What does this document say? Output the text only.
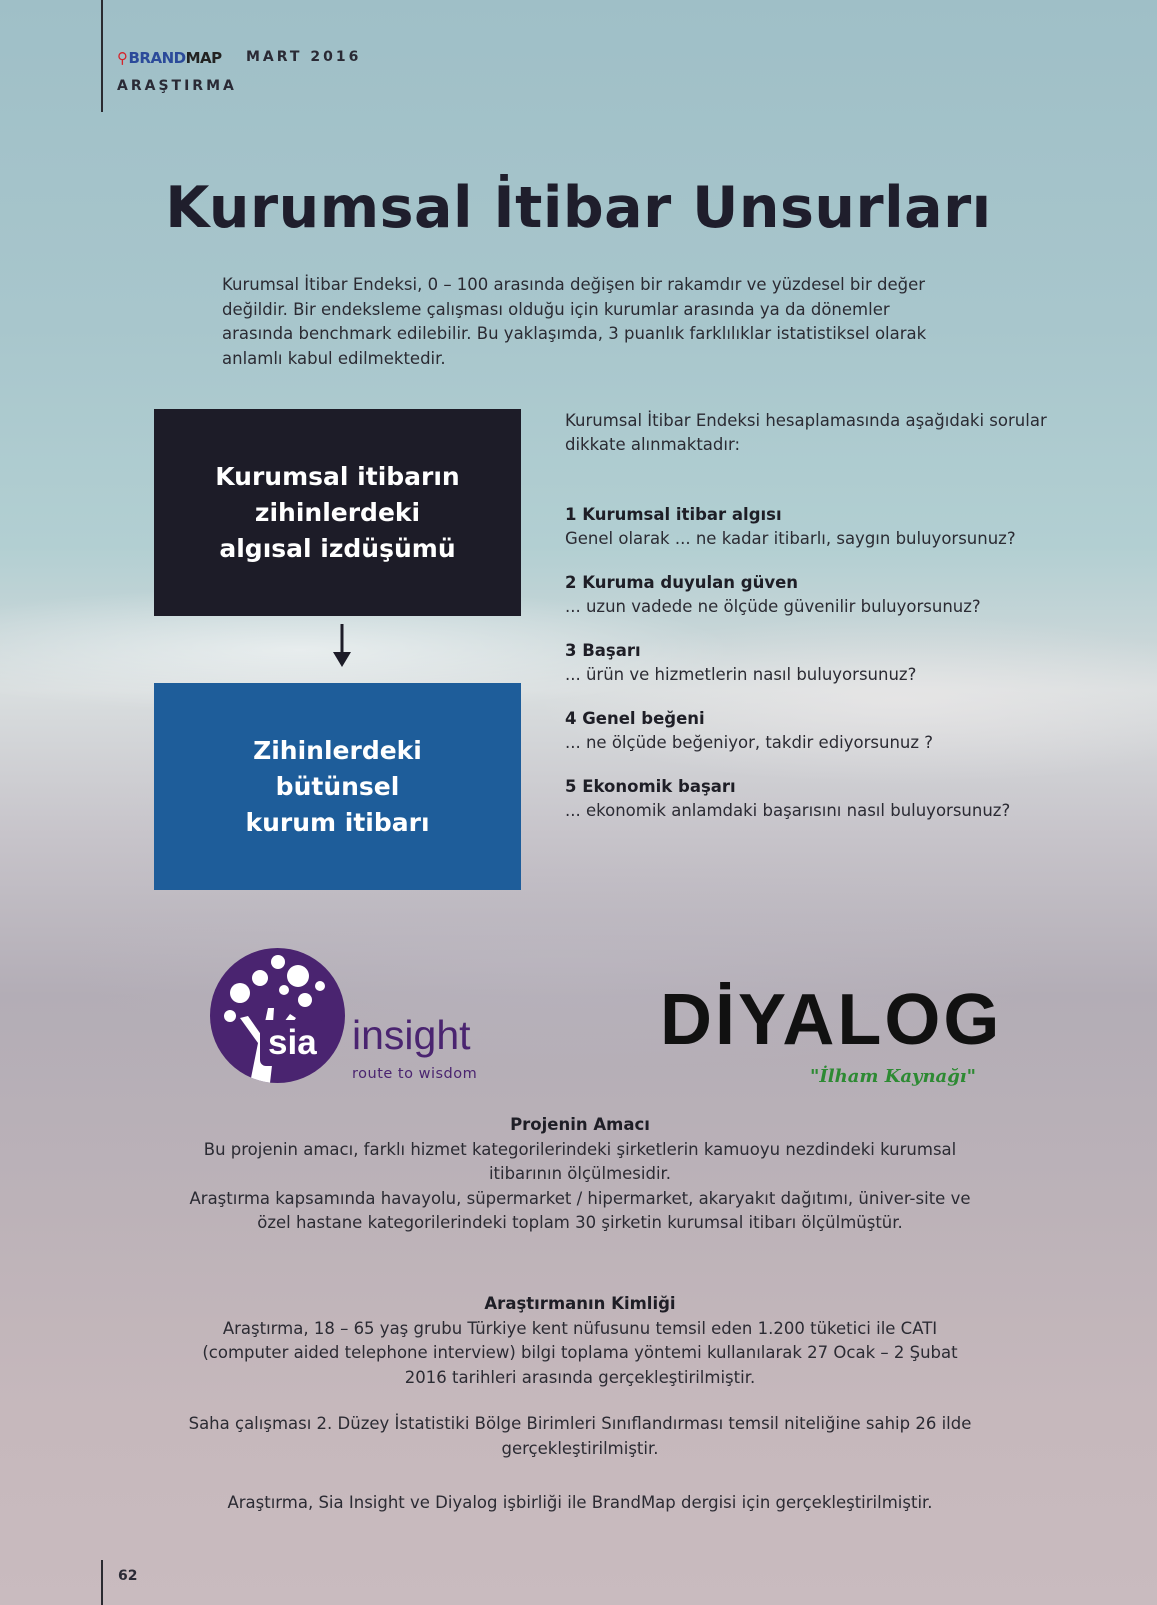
⚲BRANDMAP MART 2016
ARAŞTIRMA
Kurumsal İtibar Unsurları
Kurumsal İtibar Endeksi, 0 – 100 arasında değişen bir rakamdır ve yüzdesel bir değer değildir. Bir endeksleme çalışması olduğu için kurumlar arasında ya da dönemler arasında benchmark edilebilir. Bu yaklaşımda, 3 puanlık farklılıklar istatistiksel olarak anlamlı kabul edilmektedir.
Kurumsal itibarın zihinlerdeki algısal izdüşümü
Zihinlerdeki bütünsel kurum itibarı
Kurumsal İtibar Endeksi hesaplamasında aşağıdaki sorular dikkate alınmaktadır:
1 Kurumsal itibar algısı
Genel olarak ... ne kadar itibarlı, saygın buluyorsunuz?
2 Kuruma duyulan güven
... uzun vadede ne ölçüde güvenilir buluyorsunuz?
3 Başarı
... ürün ve hizmetlerin nasıl buluyorsunuz?
4 Genel beğeni
... ne ölçüde beğeniyor, takdir ediyorsunuz ?
5 Ekonomik başarı
... ekonomik anlamdaki başarısını nasıl buluyorsunuz?
sia insight
route to wisdom
DİYALOG
"İlham Kaynağı"
Projenin Amacı
Bu projenin amacı, farklı hizmet kategorilerindeki şirketlerin kamuoyu nezdindeki kurumsal itibarının ölçülmesidir.
Araştırma kapsamında havayolu, süpermarket / hipermarket, akaryakıt dağıtımı, üniver-site ve özel hastane kategorilerindeki toplam 30 şirketin kurumsal itibarı ölçülmüştür.
Araştırmanın Kimliği
Araştırma, 18 – 65 yaş grubu Türkiye kent nüfusunu temsil eden 1.200 tüketici ile CATI (computer aided telephone interview) bilgi toplama yöntemi kullanılarak 27 Ocak – 2 Şubat 2016 tarihleri arasında gerçekleştirilmiştir.
Saha çalışması 2. Düzey İstatistiki Bölge Birimleri Sınıflandırması temsil niteliğine sahip 26 ilde gerçekleştirilmiştir.
Araştırma, Sia Insight ve Diyalog işbirliği ile BrandMap dergisi için gerçekleştirilmiştir.
62
